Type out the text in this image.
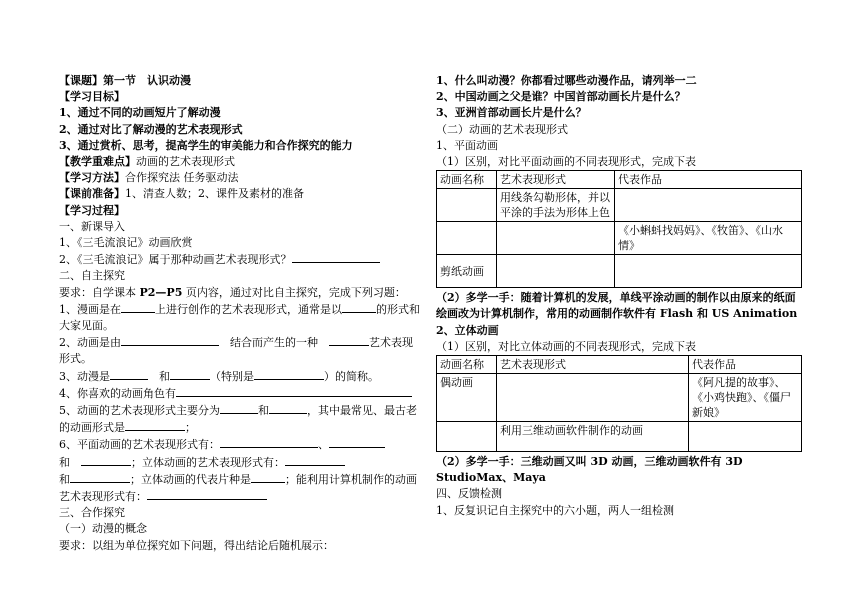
【课题】第一节　认识动漫
【学习目标】
1、通过不同的动画短片了解动漫
2、通过对比了解动漫的艺术表现形式
3、通过赏析、思考，提高学生的审美能力和合作探究的能力
【教学重难点】动画的艺术表现形式
【学习方法】合作探究法 任务驱动法
【课前准备】1、清查人数；2、课件及素材的准备
【学习过程】
一、新课导入
1、《三毛流浪记》动画欣赏
2、《三毛流浪记》属于那种动画艺术表现形式？
二、自主探究
要求：自学课本 P2—P5 页内容，通过对比自主探究，完成下列习题：
1、漫画是在	上进行创作的艺术表现形式，通常是以	的形式和大家见面。
2、动画是由　	结合而产生的一种　	艺术表现形式。
3、动漫是　	和	（特别是	）的简称。
4、你喜欢的动画角色有
5、动画的艺术表现形式主要分为	和	，其中最常见、最古老的动画形式是	；
6、平面动画的艺术表现形式有：	、
和　	；立体动画的艺术表现形式有：
和	；立体动画的代表片种是	；能利用计算机制作的动画艺术表现形式有：
三、合作探究
（一）动漫的概念
要求：以组为单位探究如下问题，得出结论后随机展示：
1、什么叫动漫？你都看过哪些动漫作品，请列举一二
2、中国动画之父是谁？中国首部动画长片是什么？
3、亚洲首部动画长片是什么？
（二）动画的艺术表现形式
1、平面动画
（1）区别，对比平面动画的不同表现形式，完成下表
动画名称	艺术表现形式	代表作品
	用线条勾勒形体，并以平涂的手法为形体上色	
		《小蝌蚪找妈妈》、《牧笛》、《山水情》
剪纸动画		
（2）多学一手：随着计算机的发展，单线平涂动画的制作以由原来的纸面绘画改为计算机制作，常用的动画制作软件有 Flash 和 US Animation
2、立体动画
（1）区别，对比立体动画的不同表现形式，完成下表
动画名称	艺术表现形式	代表作品
偶动画		《阿凡提的故事》、《小鸡快跑》、《僵尸新娘》
	利用三维动画软件制作的动画	
（2）多学一手：三维动画又叫 3D 动画，三维动画软件有 3D StudioMax、Maya
四、反馈检测
1、反复识记自主探究中的六小题，两人一组检测
